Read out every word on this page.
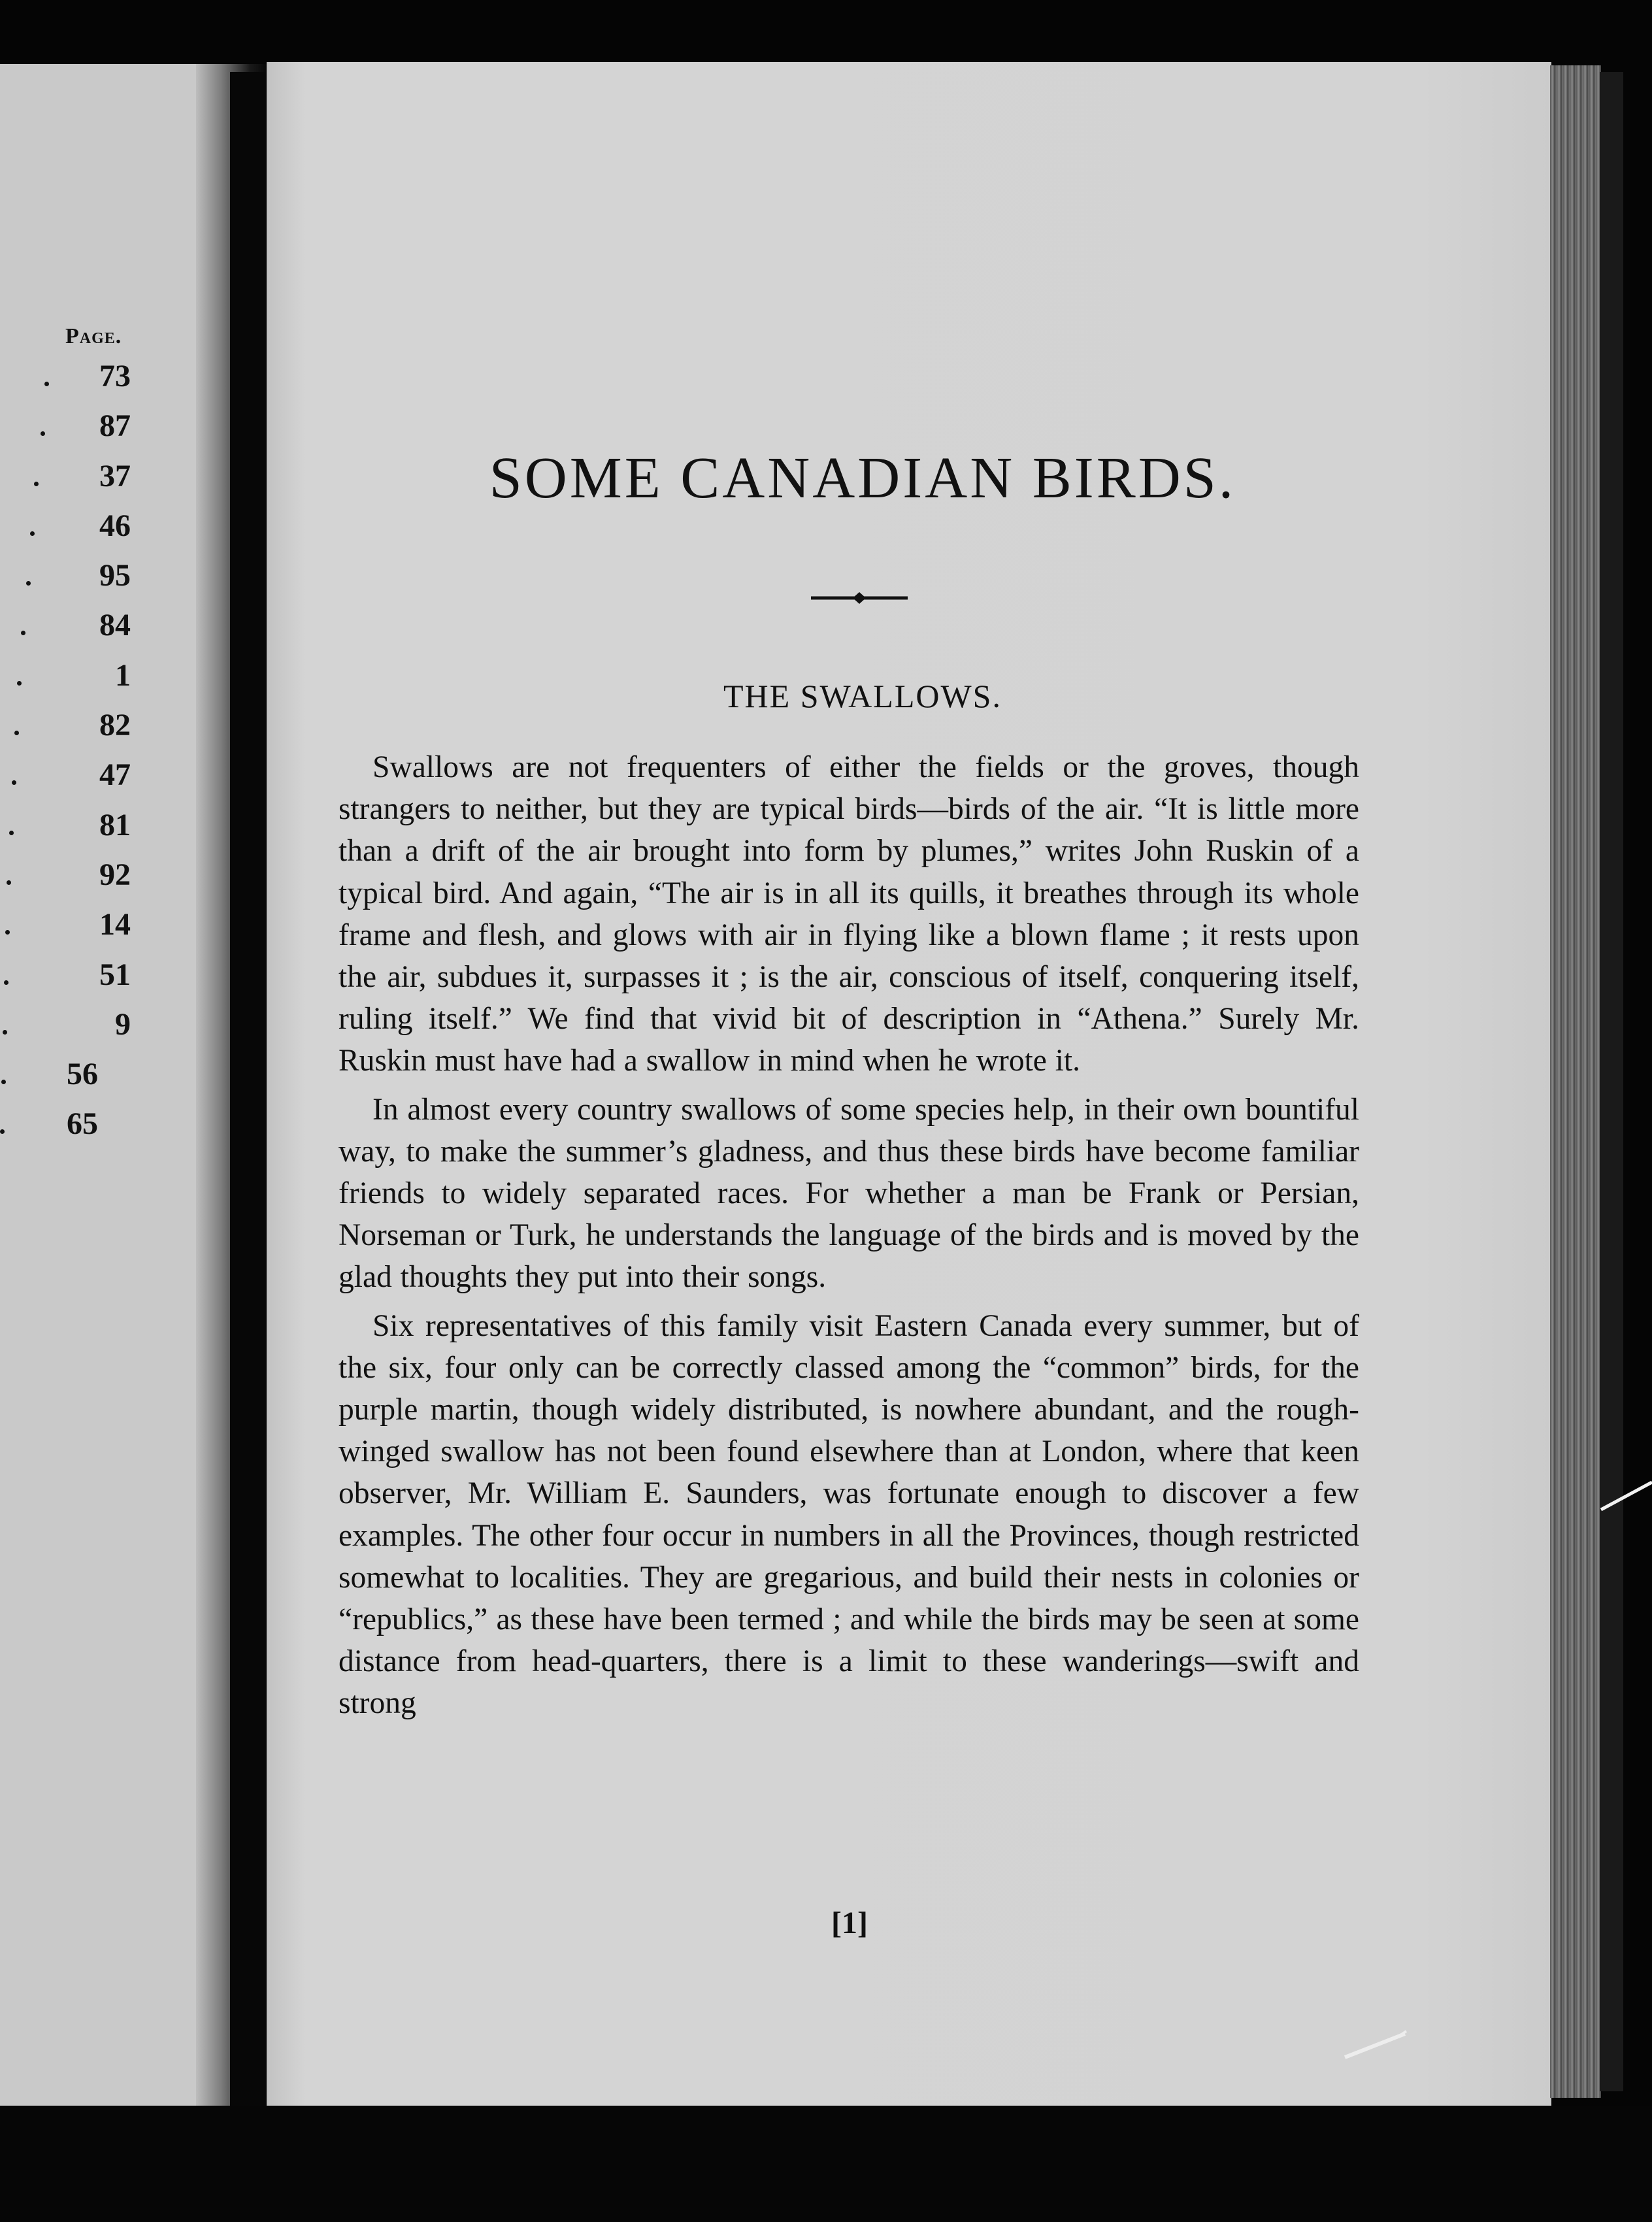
Page.

73
87
37
46
95
84
1
82
47
81
92
14
51
9
56
65
SOME CANADIAN BIRDS.
THE SWALLOWS.

Swallows are not frequenters of either the fields or the groves, though strangers to neither, but they are typical birds—birds of the air. “It is little more than a drift of the air brought into form by plumes,” writes John Ruskin of a typical bird. And again, “The air is in all its quills, it breathes through its whole frame and flesh, and glows with air in flying like a blown flame ; it rests upon the air, subdues it, surpasses it ; is the air, conscious of itself, conquering itself, ruling itself.” We find that vivid bit of description in “Athena.” Surely Mr. Ruskin must have had a swallow in mind when he wrote it.

In almost every country swallows of some species help, in their own bountiful way, to make the summer’s gladness, and thus these birds have become familiar friends to widely separated races. For whether a man be Frank or Persian, Norseman or Turk, he understands the language of the birds and is moved by the glad thoughts they put into their songs.

Six representatives of this family visit Eastern Canada every summer, but of the six, four only can be correctly classed among the “common” birds, for the purple martin, though widely distributed, is nowhere abundant, and the rough-winged swallow has not been found elsewhere than at London, where that keen observer, Mr. William E. Saunders, was fortunate enough to discover a few examples. The other four occur in numbers in all the Provinces, though restricted somewhat to localities. They are gregarious, and build their nests in colonies or “republics,” as these have been termed ; and while the birds may be seen at some distance from head-quarters, there is a limit to these wanderings—swift and strong

[1]
